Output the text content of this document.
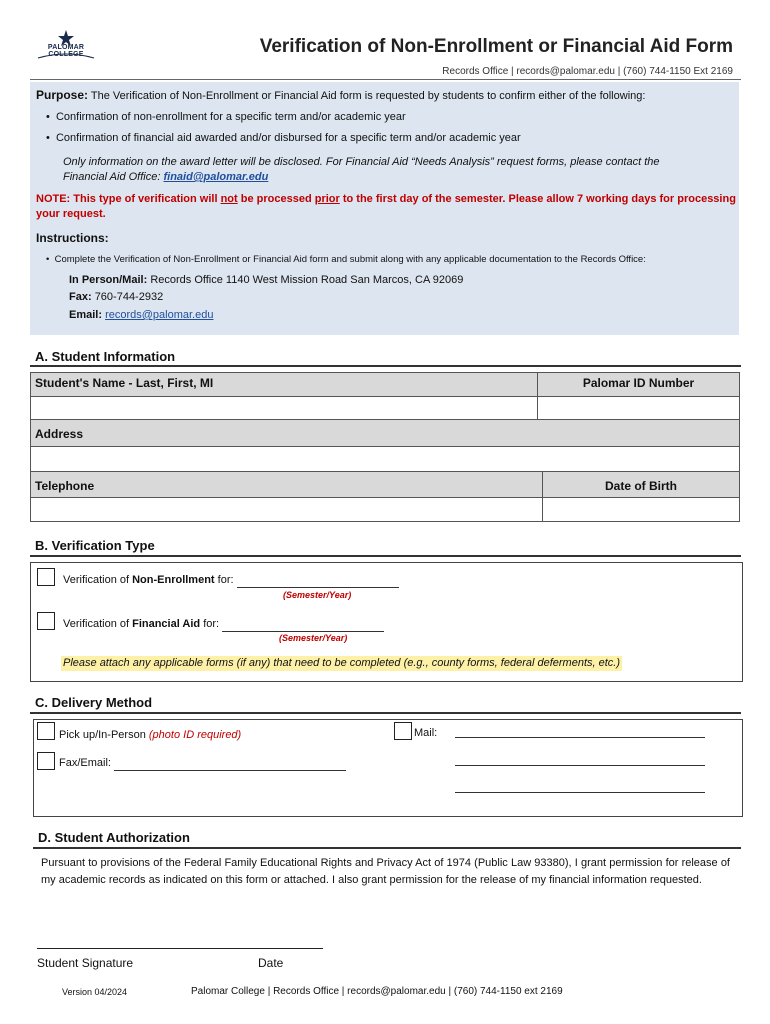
PALOMAR COLLEGE	Verification of Non-Enrollment or Financial Aid Form
Records Office | records@palomar.edu | (760) 744-1150 Ext 2169
Purpose: The Verification of Non-Enrollment or Financial Aid form is requested by students to confirm either of the following:
•  Confirmation of non-enrollment for a specific term and/or academic year
•  Confirmation of financial aid awarded and/or disbursed for a specific term and/or academic year
Only information on the award letter will be disclosed. For Financial Aid “Needs Analysis” request forms, please contact the
Financial Aid Office: finaid@palomar.edu
NOTE: This type of verification will not be processed prior to the first day of the semester. Please allow 7 working days for processing
your request.
Instructions:
•  Complete the Verification of Non-Enrollment or Financial Aid form and submit along with any applicable documentation to the Records Office:
In Person/Mail: Records Office 1140 West Mission Road San Marcos, CA 92069
Fax: 760-744-2932
Email: records@palomar.edu
A. Student Information
Student's Name - Last, First, MI	Palomar ID Number
Address
Telephone	Date of Birth
B. Verification Type
Verification of Non-Enrollment for:
(Semester/Year)
Verification of Financial Aid for:
(Semester/Year)
Please attach any applicable forms (if any) that need to be completed (e.g., county forms, federal deferments, etc.)
C. Delivery Method
Pick up/In-Person (photo ID required)
Fax/Email:
Mail:
D. Student Authorization
Pursuant to provisions of the Federal Family Educational Rights and Privacy Act of 1974 (Public Law 93380), I grant permission for release of my academic records as indicated on this form or attached. I also grant permission for the release of my financial information requested.
Student Signature	Date
Version 04/2024	Palomar College | Records Office | records@palomar.edu | (760) 744-1150 ext 2169
